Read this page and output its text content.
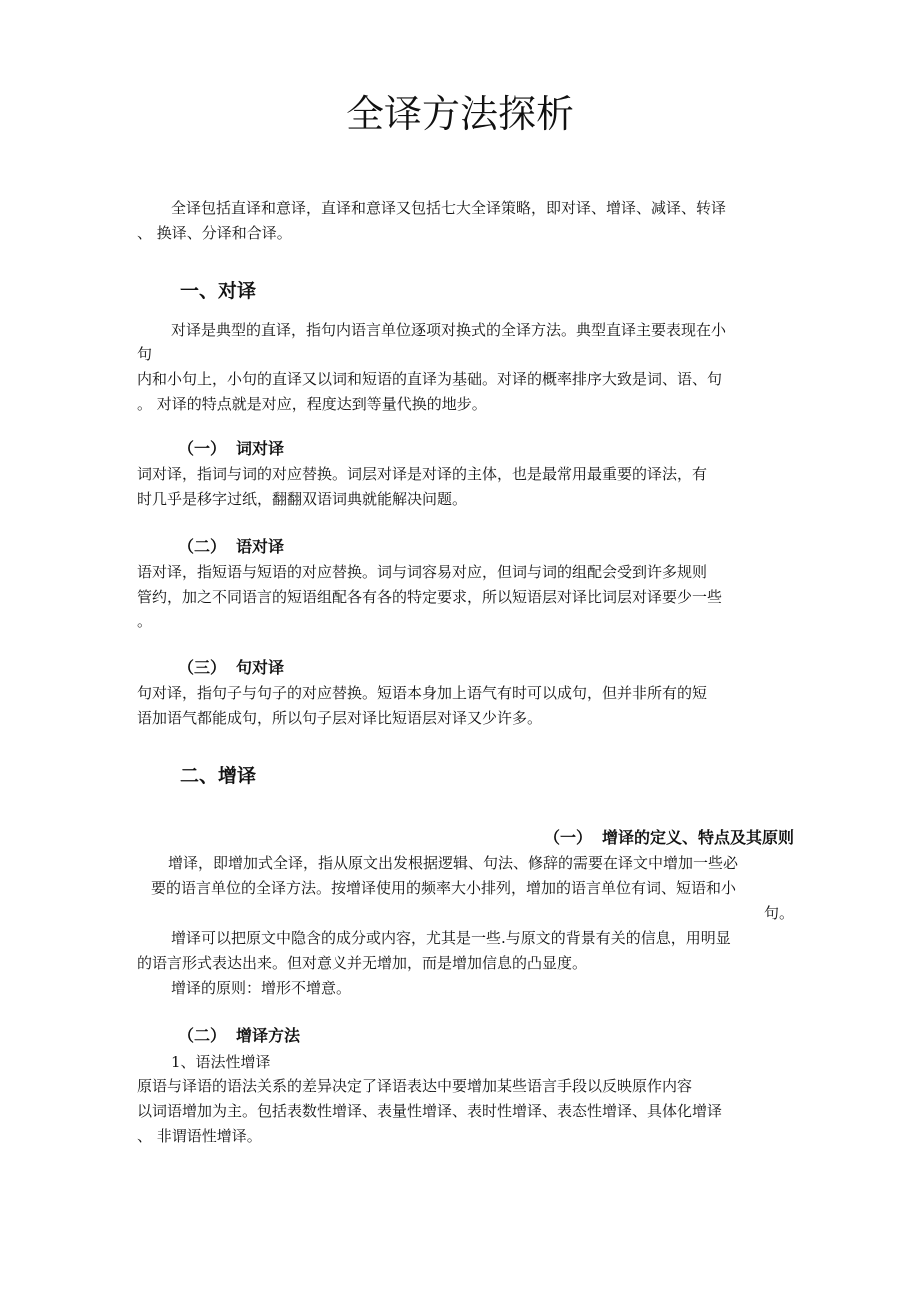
全译方法探析
全译包括直译和意译，直译和意译又包括七大全译策略，即对译、增译、减译、转译
、 换译、分译和合译。
一、对译
对译是典型的直译，指句内语言单位逐项对换式的全译方法。典型直译主要表现在小
句
内和小句上，小句的直译又以词和短语的直译为基础。对译的概率排序大致是词、语、句
。 对译的特点就是对应，程度达到等量代换的地步。
（一） 词对译
词对译，指词与词的对应替换。词层对译是对译的主体，也是最常用最重要的译法，有
时几乎是移字过纸，翻翻双语词典就能解决问题。
（二） 语对译
语对译，指短语与短语的对应替换。词与词容易对应，但词与词的组配会受到许多规则
管约，加之不同语言的短语组配各有各的特定要求，所以短语层对译比词层对译要少一些
。
（三） 句对译
句对译，指句子与句子的对应替换。短语本身加上语气有时可以成句，但并非所有的短
语加语气都能成句，所以句子层对译比短语层对译又少许多。
二、增译
（一） 增译的定义、特点及其原则
增译，即增加式全译，指从原文出发根据逻辑、句法、修辞的需要在译文中增加一些必
要的语言单位的全译方法。按增译使用的频率大小排列，增加的语言单位有词、短语和小
句。
增译可以把原文中隐含的成分或内容，尤其是一些.与原文的背景有关的信息，用明显
的语言形式表达出来。但对意义并无增加，而是增加信息的凸显度。
增译的原则：增形不增意。
（二） 增译方法
1、语法性增译
原语与译语的语法关系的差异决定了译语表达中要增加某些语言手段以反映原作内容
以词语增加为主。包括表数性增译、表量性增译、表时性增译、表态性增译、具体化增译
、 非谓语性增译。
